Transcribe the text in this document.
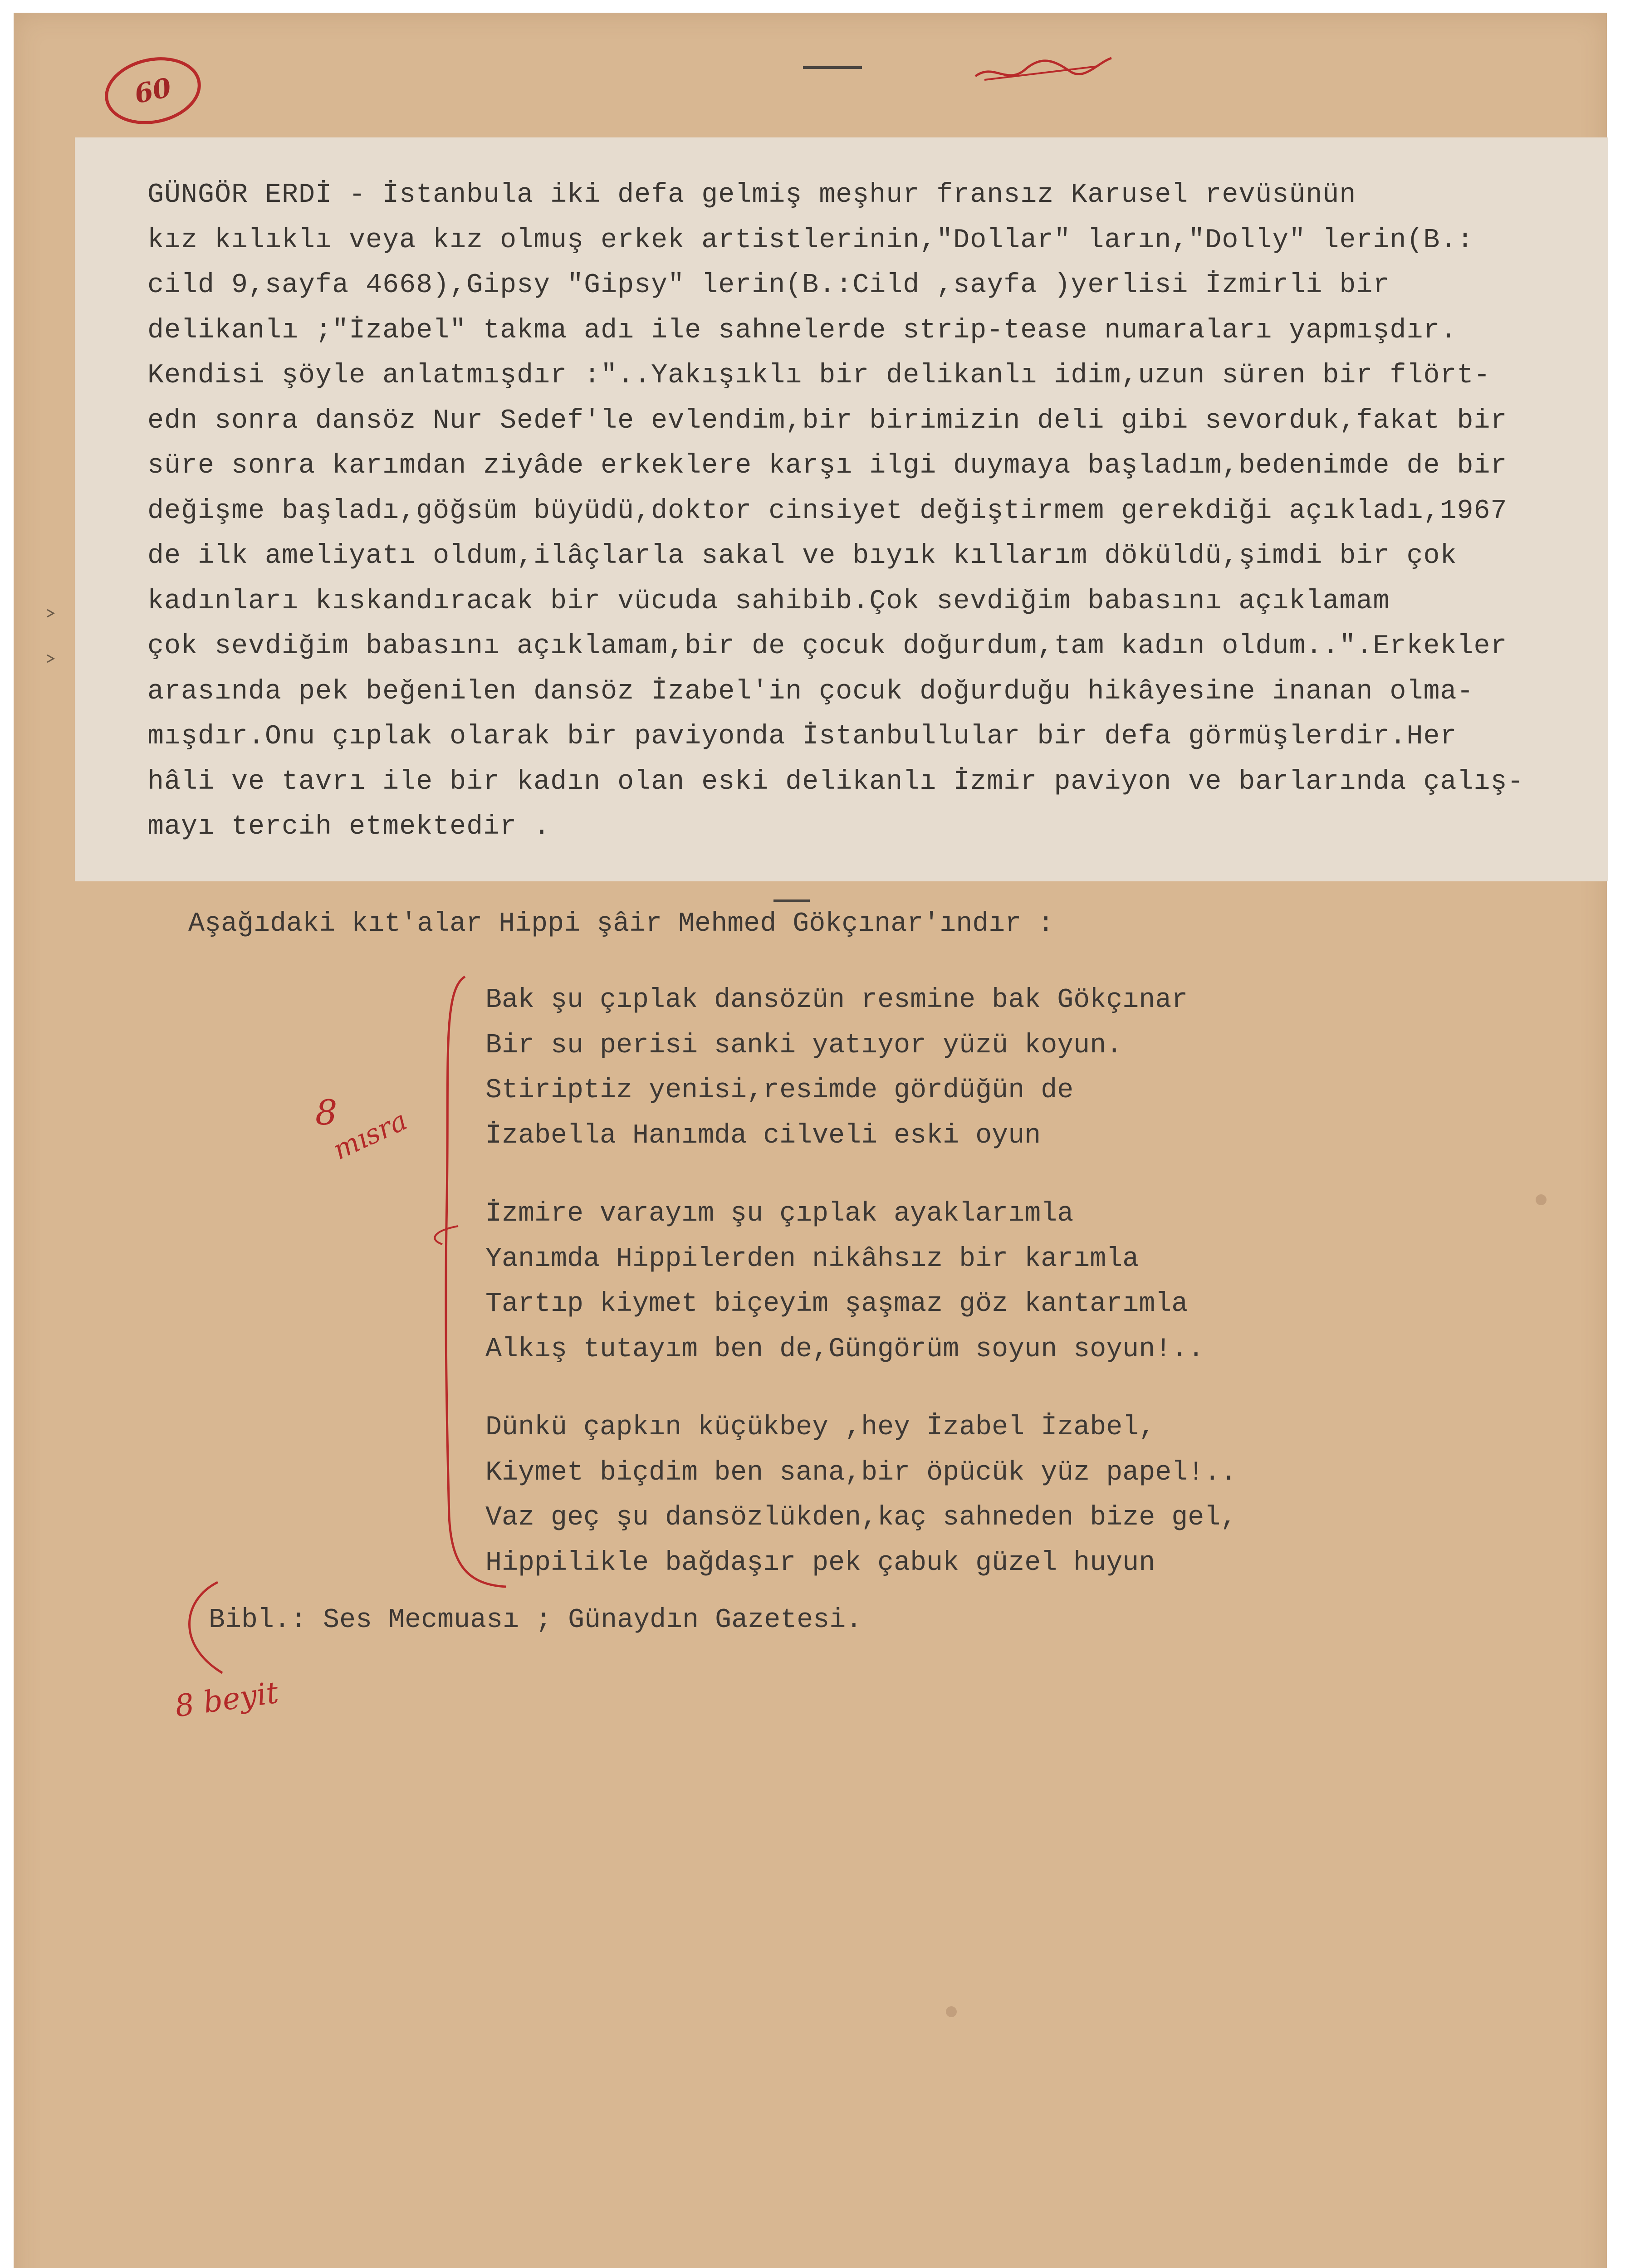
60
GÜNGÖR ERDİ - İstanbula iki defa gelmiş meşhur fransız Karusel revüsünün
kız kılıklı veya kız olmuş erkek artistlerinin,"Dollar" ların,"Dolly" lerin(B.:
cild 9,sayfa 4668),Gipsy "Gipsy" lerin(B.:Cild ,sayfa )yerlisi İzmirli bir
delikanlı ;"İzabel" takma adı ile sahnelerde strip-tease numaraları yapmışdır.
Kendisi şöyle anlatmışdır :"..Yakışıklı bir delikanlı idim,uzun süren bir flört-
edn sonra dansöz Nur Sedef'le evlendim,bir birimizin deli gibi sevorduk,fakat bir
süre sonra karımdan ziyâde erkeklere karşı ilgi duymaya başladım,bedenimde de bir
değişme başladı,göğsüm büyüdü,doktor cinsiyet değiştirmem gerekdiği açıkladı,1967
de ilk ameliyatı oldum,ilâçlarla sakal ve bıyık kıllarım döküldü,şimdi bir çok
kadınları kıskandıracak bir vücuda sahibib.Çok sevdiğim babasını açıklamam
çok sevdiğim babasını açıklamam,bir de çocuk doğurdum,tam kadın oldum..".Erkekler
arasında pek beğenilen dansöz İzabel'in çocuk doğurduğu hikâyesine inanan olma-
mışdır.Onu çıplak olarak bir paviyonda İstanbullular bir defa görmüşlerdir.Her
hâli ve tavrı ile bir kadın olan eski delikanlı İzmir paviyon ve barlarında çalış-
mayı tercih etmektedir .
Aşağıdaki kıt'alar Hippi şâir Mehmed Gökçınar'ındır :
8
mısra
Bak şu çıplak dansözün resmine bak Gökçınar
Bir su perisi sanki yatıyor yüzü koyun.
Stiriptiz yenisi,resimde gördüğün de
İzabella Hanımda cilveli eski oyun
İzmire varayım şu çıplak ayaklarımla
Yanımda Hippilerden nikâhsız bir karımla
Tartıp kiymet biçeyim şaşmaz göz kantarımla
Alkış tutayım ben de,Güngörüm soyun soyun!..
Dünkü çapkın küçükbey ,hey İzabel İzabel,
Kiymet biçdim ben sana,bir öpücük yüz papel!..
Vaz geç şu dansözlükden,kaç sahneden bize gel,
Hippilikle bağdaşır pek çabuk güzel huyun
Bibl.: Ses Mecmuası ; Günaydın Gazetesi.
8 beyit
